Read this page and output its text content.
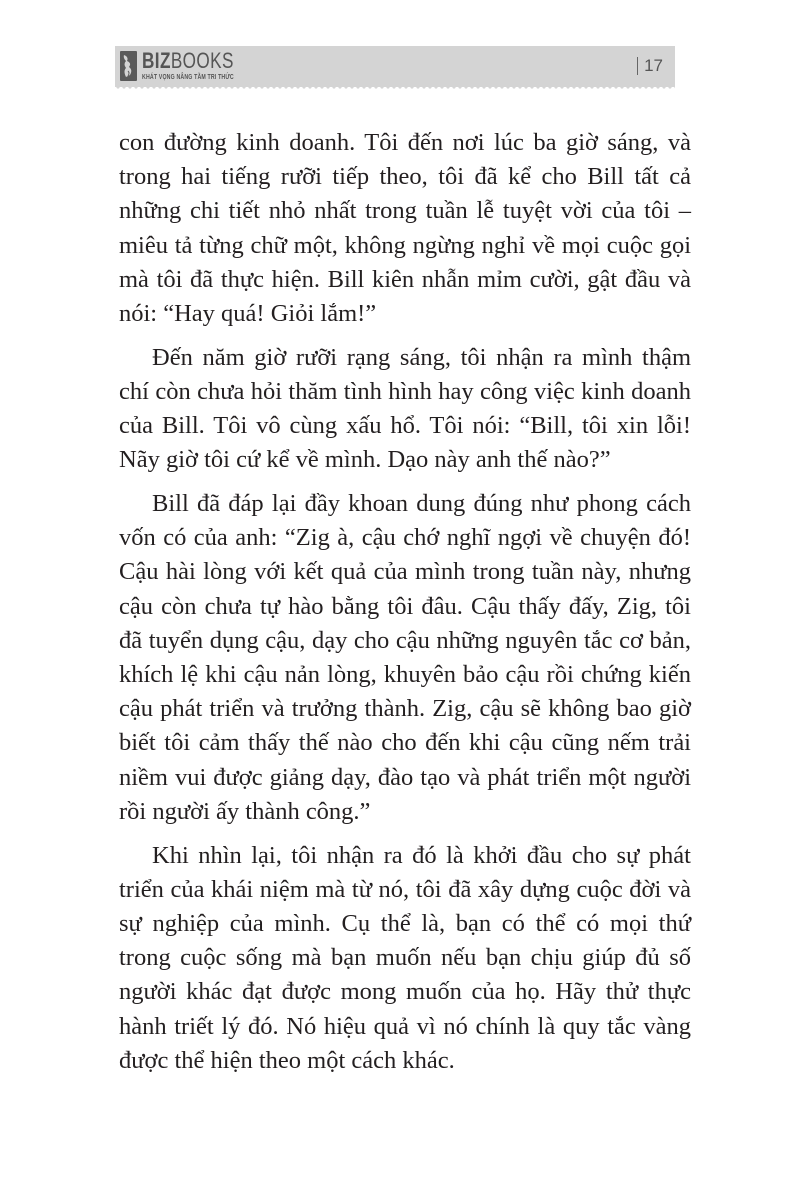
BIZBOOKS
KHÁT VỌNG NÂNG TẦM TRI THỨC
17

con đường kinh doanh. Tôi đến nơi lúc ba giờ sáng, và trong hai tiếng rưỡi tiếp theo, tôi đã kể cho Bill tất cả những chi tiết nhỏ nhất trong tuần lễ tuyệt vời của tôi – miêu tả từng chữ một, không ngừng nghỉ về mọi cuộc gọi mà tôi đã thực hiện. Bill kiên nhẫn mỉm cười, gật đầu và nói: “Hay quá! Giỏi lắm!”

Đến năm giờ rưỡi rạng sáng, tôi nhận ra mình thậm chí còn chưa hỏi thăm tình hình hay công việc kinh doanh của Bill. Tôi vô cùng xấu hổ. Tôi nói: “Bill, tôi xin lỗi! Nãy giờ tôi cứ kể về mình. Dạo này anh thế nào?”

Bill đã đáp lại đầy khoan dung đúng như phong cách vốn có của anh: “Zig à, cậu chớ nghĩ ngợi về chuyện đó! Cậu hài lòng với kết quả của mình trong tuần này, nhưng cậu còn chưa tự hào bằng tôi đâu. Cậu thấy đấy, Zig, tôi đã tuyển dụng cậu, dạy cho cậu những nguyên tắc cơ bản, khích lệ khi cậu nản lòng, khuyên bảo cậu rồi chứng kiến cậu phát triển và trưởng thành. Zig, cậu sẽ không bao giờ biết tôi cảm thấy thế nào cho đến khi cậu cũng nếm trải niềm vui được giảng dạy, đào tạo và phát triển một người rồi người ấy thành công.”

Khi nhìn lại, tôi nhận ra đó là khởi đầu cho sự phát triển của khái niệm mà từ nó, tôi đã xây dựng cuộc đời và sự nghiệp của mình. Cụ thể là, bạn có thể có mọi thứ trong cuộc sống mà bạn muốn nếu bạn chịu giúp đủ số người khác đạt được mong muốn của họ. Hãy thử thực hành triết lý đó. Nó hiệu quả vì nó chính là quy tắc vàng được thể hiện theo một cách khác.
